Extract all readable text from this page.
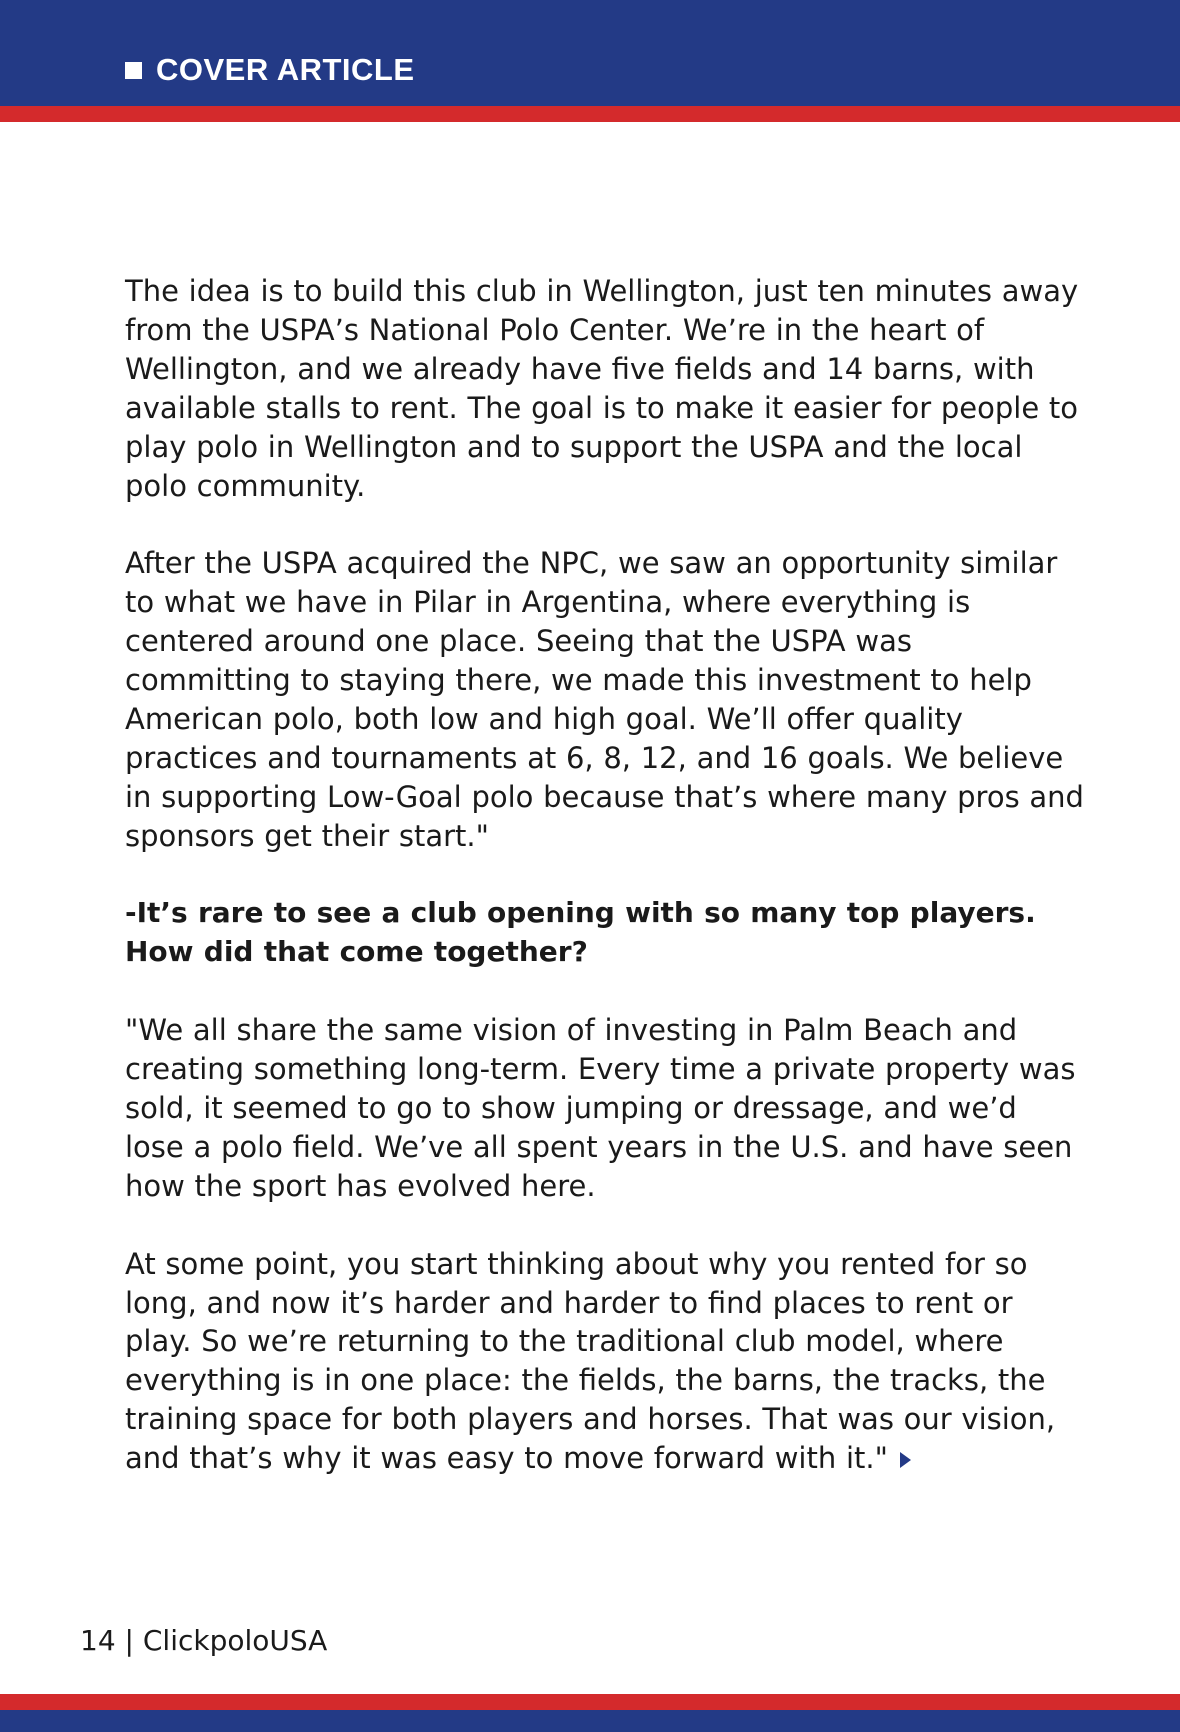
COVER ARTICLE

The idea is to build this club in Wellington, just ten minutes away from the USPA’s National Polo Center. We’re in the heart of Wellington, and we already have five fields and 14 barns, with available stalls to rent. The goal is to make it easier for people to play polo in Wellington and to support the USPA and the local polo community.

After the USPA acquired the NPC, we saw an opportunity similar to what we have in Pilar in Argentina, where everything is centered around one place. Seeing that the USPA was committing to staying there, we made this investment to help American polo, both low and high goal. We’ll offer quality practices and tournaments at 6, 8, 12, and 16 goals. We believe in supporting Low-Goal polo because that’s where many pros and sponsors get their start."

-It’s rare to see a club opening with so many top players. How did that come together?

"We all share the same vision of investing in Palm Beach and creating something long-term. Every time a private property was sold, it seemed to go to show jumping or dressage, and we’d lose a polo field. We’ve all spent years in the U.S. and have seen how the sport has evolved here.

At some point, you start thinking about why you rented for so long, and now it’s harder and harder to find places to rent or play. So we’re returning to the traditional club model, where everything is in one place: the fields, the barns, the tracks, the training space for both players and horses. That was our vision, and that’s why it was easy to move forward with it."

14 | ClickpoloUSA
